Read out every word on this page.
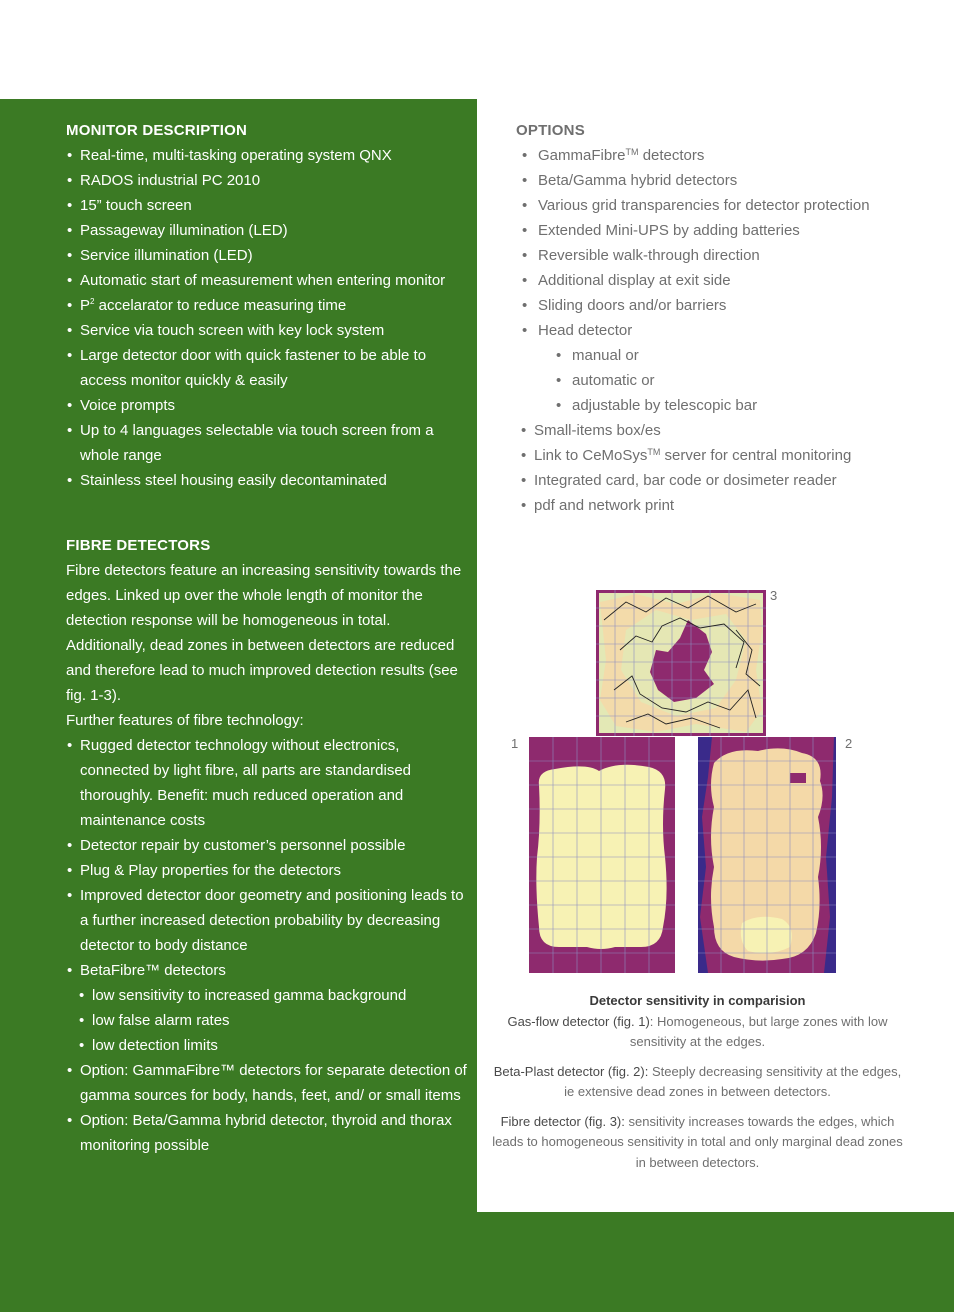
MONITOR DESCRIPTION
• Real-time, multi-tasking operating system QNX
• RADOS industrial PC 2010
• 15” touch screen
• Passageway illumination (LED)
• Service illumination (LED)
• Automatic start of measurement when entering monitor
• $P^2$ accelarator to reduce measuring time
• Service via touch screen with key lock system
• Large detector door with quick fastener to be able to access monitor quickly & easily
• Voice prompts
• Up to 4 languages selectable via touch screen from a whole range
• Stainless steel housing easily decontaminated
FIBRE DETECTORS

Fibre detectors feature an increasing sensitivity towards the edges. Linked up over the whole length of monitor the detection response will be homogeneous in total. Additionally, dead zones in between detectors are reduced and therefore lead to much improved detection results (see fig. 1-3).

Further features of fibre technology:

• Rugged detector technology without electronics, connected by light fibre, all parts are standardised thoroughly. Benefit: much reduced operation and maintenance costs
• Detector repair by customer’s personnel possible
• Plug & Play properties for the detectors
• Improved detector door geometry and positioning leads to a further increased detection probability by decreasing detector to body distance
• BetaFibre™ detectors
• low sensitivity to increased gamma background
• low false alarm rates
• low detection limits
• Option: GammaFibre™ detectors for separate detection of gamma sources for body, hands, feet, and/ or small items
• Option: Beta/Gamma hybrid detector, thyroid and thorax monitoring possible
OPTIONS
• GammaFibre™ detectors
• Beta/Gamma hybrid detectors
• Various grid transparencies for detector protection
• Extended Mini-UPS by adding batteries
• Reversible walk-through direction
• Additional display at exit side
• Sliding doors and/or barriers
• Head detector
• manual or
• automatic or
• adjustable by telescopic bar
• Small-items box/es
• Link to CeMoSys™ server for central monitoring
• Integrated card, bar code or dosimeter reader
• pdf and network print
3
1	2
Detector sensitivity in comparision

Gas-flow detector (fig. 1): Homogeneous, but large zones with low sensitivity at the edges.

Beta-Plast detector (fig. 2): Steeply decreasing sensitivity at the edges, ie extensive dead zones in between detectors.

Fibre detector (fig. 3): sensitivity increases towards the edges, which leads to homogeneous sensitivity in total and only marginal dead zones in between detectors.
